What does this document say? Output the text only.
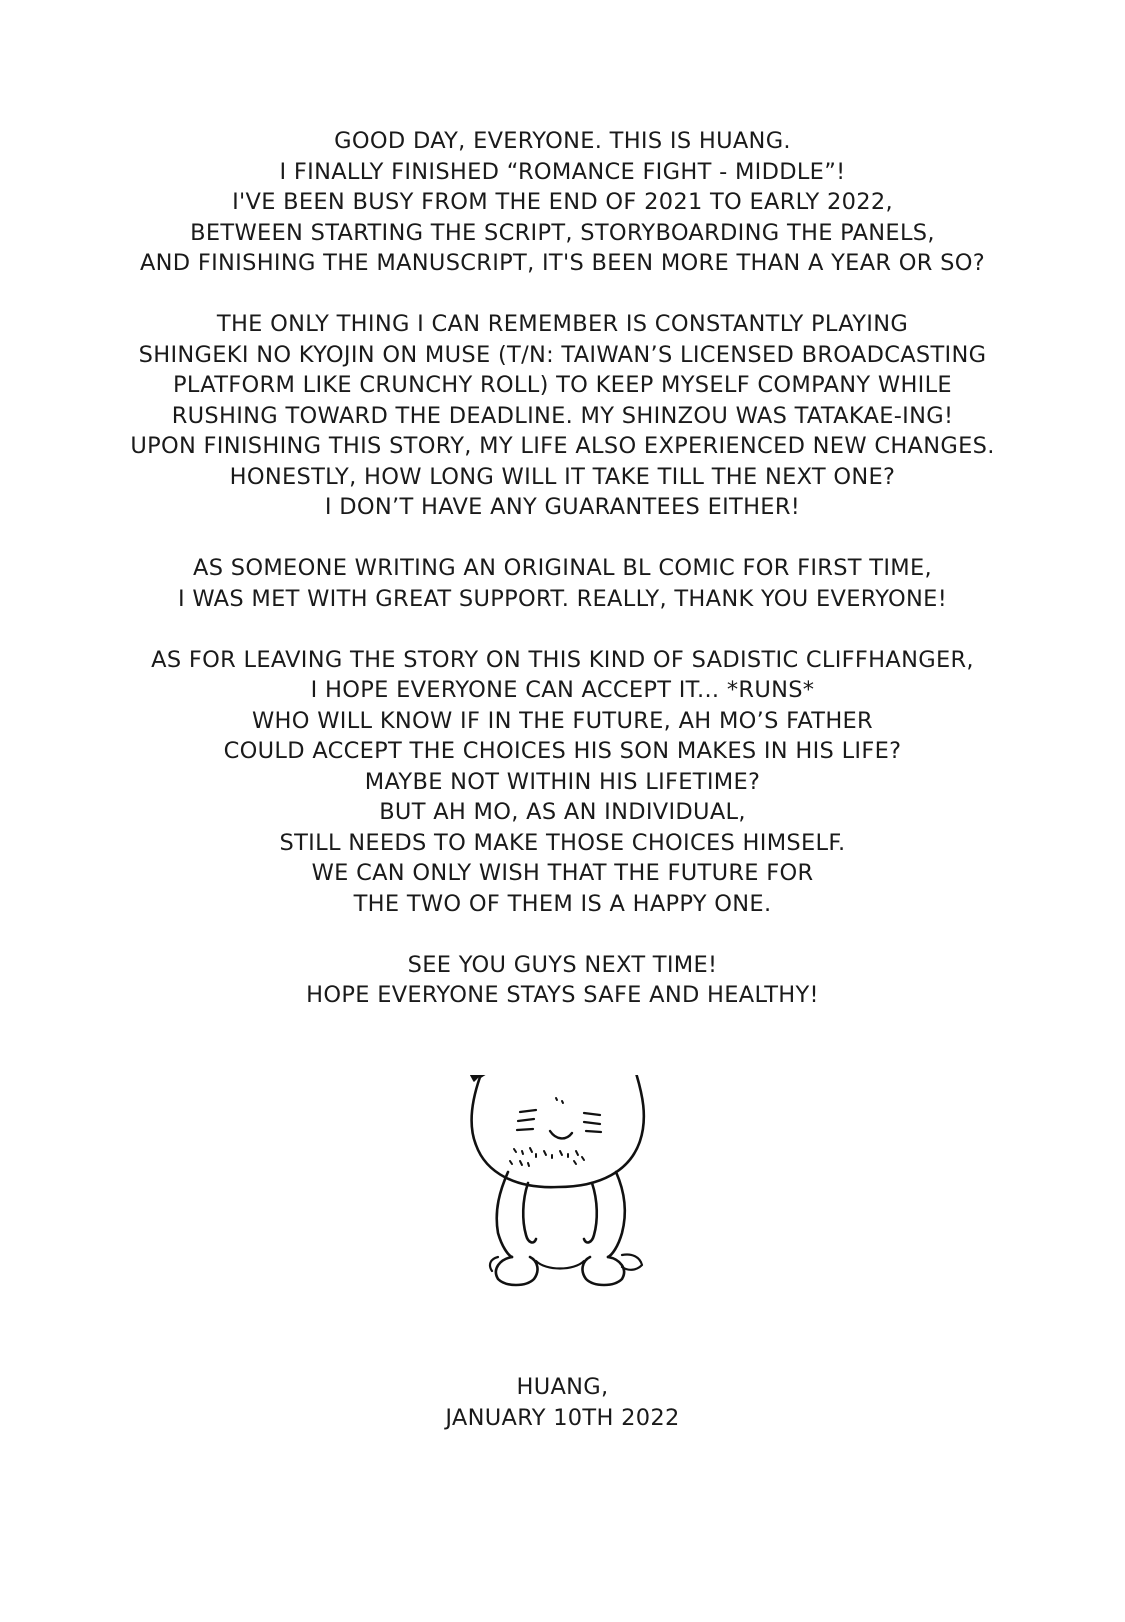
GOOD DAY, EVERYONE. THIS IS HUANG.
I FINALLY FINISHED “ROMANCE FIGHT - MIDDLE”!
I'VE BEEN BUSY FROM THE END OF 2021 TO EARLY 2022,
BETWEEN STARTING THE SCRIPT, STORYBOARDING THE PANELS,
AND FINISHING THE MANUSCRIPT, IT'S BEEN MORE THAN A YEAR OR SO?
THE ONLY THING I CAN REMEMBER IS CONSTANTLY PLAYING
SHINGEKI NO KYOJIN ON MUSE (T/N: TAIWAN’S LICENSED BROADCASTING
PLATFORM LIKE CRUNCHY ROLL) TO KEEP MYSELF COMPANY WHILE
RUSHING TOWARD THE DEADLINE. MY SHINZOU WAS TATAKAE-ING!
UPON FINISHING THIS STORY, MY LIFE ALSO EXPERIENCED NEW CHANGES.
HONESTLY, HOW LONG WILL IT TAKE TILL THE NEXT ONE?
I DON’T HAVE ANY GUARANTEES EITHER!
AS SOMEONE WRITING AN ORIGINAL BL COMIC FOR FIRST TIME,
I WAS MET WITH GREAT SUPPORT. REALLY, THANK YOU EVERYONE!
AS FOR LEAVING THE STORY ON THIS KIND OF SADISTIC CLIFFHANGER,
I HOPE EVERYONE CAN ACCEPT IT... *RUNS*
WHO WILL KNOW IF IN THE FUTURE, AH MO’S FATHER
COULD ACCEPT THE CHOICES HIS SON MAKES IN HIS LIFE?
MAYBE NOT WITHIN HIS LIFETIME?
BUT AH MO, AS AN INDIVIDUAL,
STILL NEEDS TO MAKE THOSE CHOICES HIMSELF.
WE CAN ONLY WISH THAT THE FUTURE FOR
THE TWO OF THEM IS A HAPPY ONE.
SEE YOU GUYS NEXT TIME!
HOPE EVERYONE STAYS SAFE AND HEALTHY!
HUANG,
JANUARY 10TH 2022
